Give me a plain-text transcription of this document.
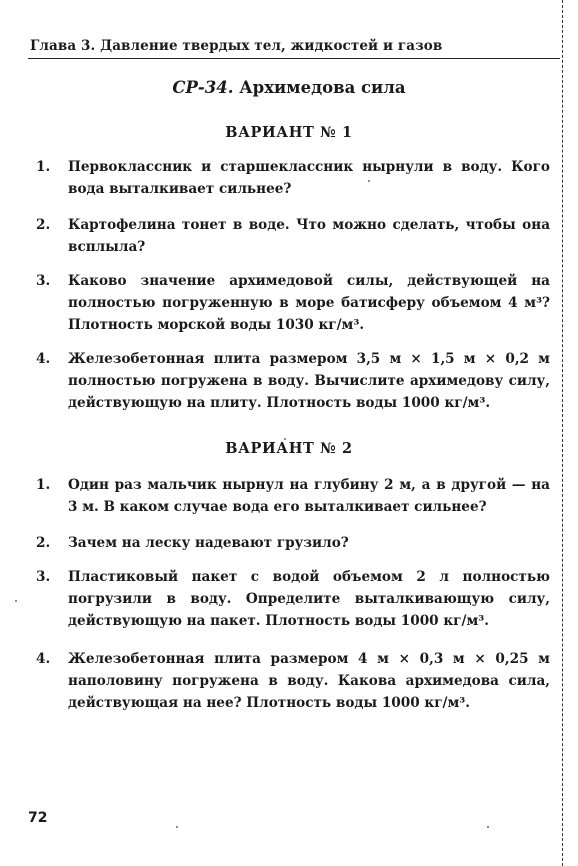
Глава 3. Давление твердых тел, жидкостей и газов
СР-34. Архимедова сила
ВАРИАНТ № 1
1.	Первоклассник и старшеклассник нырнули в воду. Кого вода выталкивает сильнее?
2.	Картофелина тонет в воде. Что можно сделать, чтобы она всплыла?
3.	Каково значение архимедовой силы, действующей на полностью погруженную в море батисферу объемом 4 м³? Плотность морской воды 1030 кг/м³.
4.	Железобетонная плита размером 3,5 м × 1,5 м × 0,2 м полностью погружена в воду. Вычислите архимедову силу, действующую на плиту. Плотность воды 1000 кг/м³.
ВАРИАНТ № 2
1.	Один раз мальчик нырнул на глубину 2 м, а в другой — на 3 м. В каком случае вода его выталкивает сильнее?
2.	Зачем на леску надевают грузило?
3.	Пластиковый пакет с водой объемом 2 л полностью погрузили в воду. Определите выталкивающую силу, действующую на пакет. Плотность воды 1000 кг/м³.
4.	Железобетонная плита размером 4 м × 0,3 м × 0,25 м наполовину погружена в воду. Какова архимедова сила, действующая на нее? Плотность воды 1000 кг/м³.
72
